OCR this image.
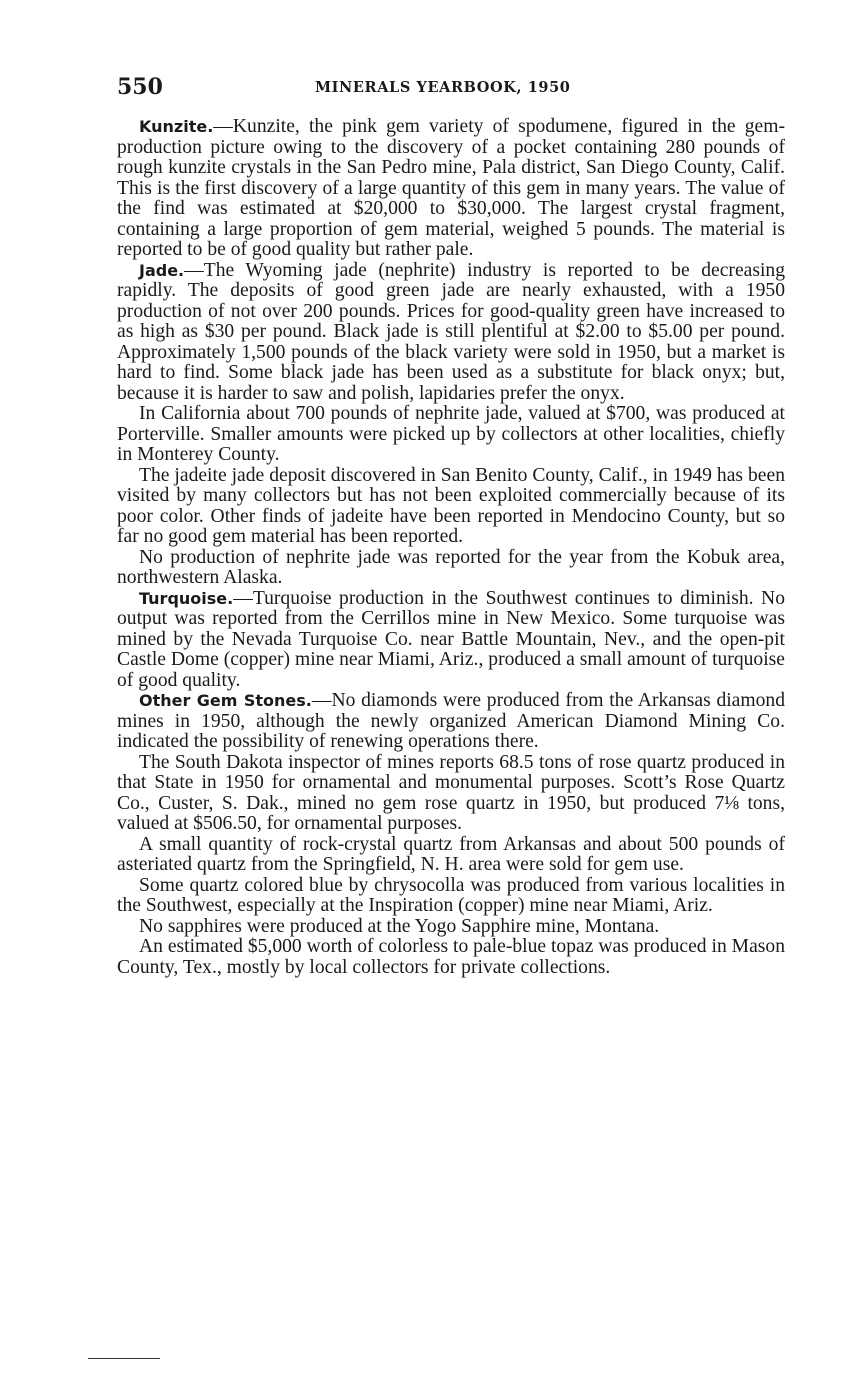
550	MINERALS YEARBOOK, 1950

Kunzite.—Kunzite, the pink gem variety of spodumene, figured in the gem-production picture owing to the discovery of a pocket containing 280 pounds of rough kunzite crystals in the San Pedro mine, Pala district, San Diego County, Calif. This is the first discovery of a large quantity of this gem in many years. The value of the find was estimated at $20,000 to $30,000. The largest crystal fragment, containing a large proportion of gem material, weighed 5 pounds. The material is reported to be of good quality but rather pale.

Jade.—The Wyoming jade (nephrite) industry is reported to be decreasing rapidly. The deposits of good green jade are nearly exhausted, with a 1950 production of not over 200 pounds. Prices for good-quality green have increased to as high as $30 per pound. Black jade is still plentiful at $2.00 to $5.00 per pound. Approximately 1,500 pounds of the black variety were sold in 1950, but a market is hard to find. Some black jade has been used as a substitute for black onyx; but, because it is harder to saw and polish, lapidaries prefer the onyx.

In California about 700 pounds of nephrite jade, valued at $700, was produced at Porterville. Smaller amounts were picked up by collectors at other localities, chiefly in Monterey County.

The jadeite jade deposit discovered in San Benito County, Calif., in 1949 has been visited by many collectors but has not been exploited commercially because of its poor color. Other finds of jadeite have been reported in Mendocino County, but so far no good gem material has been reported.

No production of nephrite jade was reported for the year from the Kobuk area, northwestern Alaska.

Turquoise.—Turquoise production in the Southwest continues to diminish. No output was reported from the Cerrillos mine in New Mexico. Some turquoise was mined by the Nevada Turquoise Co. near Battle Mountain, Nev., and the open-pit Castle Dome (copper) mine near Miami, Ariz., produced a small amount of turquoise of good quality.

Other Gem Stones.—No diamonds were produced from the Arkansas diamond mines in 1950, although the newly organized American Diamond Mining Co. indicated the possibility of renewing operations there.

The South Dakota inspector of mines reports 68.5 tons of rose quartz produced in that State in 1950 for ornamental and monumental purposes. Scott’s Rose Quartz Co., Custer, S. Dak., mined no gem rose quartz in 1950, but produced 7⅛ tons, valued at $506.50, for ornamental purposes.

A small quantity of rock-crystal quartz from Arkansas and about 500 pounds of asteriated quartz from the Springfield, N. H. area were sold for gem use.

Some quartz colored blue by chrysocolla was produced from various localities in the Southwest, especially at the Inspiration (copper) mine near Miami, Ariz.

No sapphires were produced at the Yogo Sapphire mine, Montana.

An estimated $5,000 worth of colorless to pale-blue topaz was produced in Mason County, Tex., mostly by local collectors for private collections.
